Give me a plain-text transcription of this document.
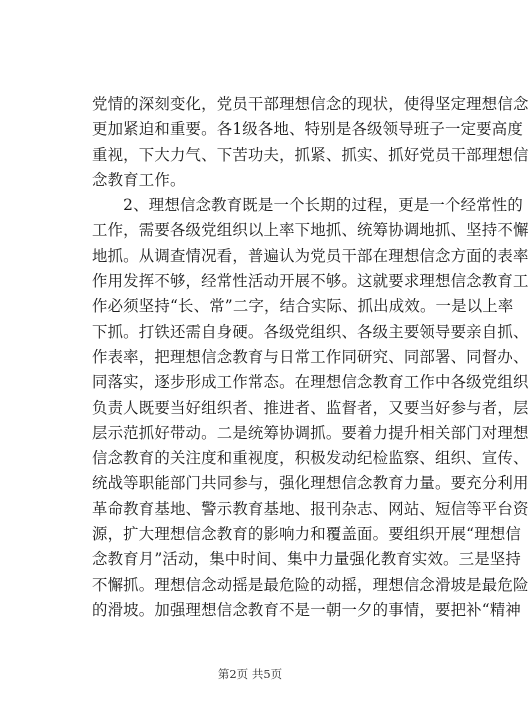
党情的深刻变化，党员干部理想信念的现状，使得坚定理想信念
更加紧迫和重要。各1级各地、特别是各级领导班子一定要高度
重视，下大力气、下苦功夫，抓紧、抓实、抓好党员干部理想信
念教育工作。
　　2、理想信念教育既是一个长期的过程，更是一个经常性的
工作，需要各级党组织以上率下地抓、统筹协调地抓、坚持不懈
地抓。从调查情况看，普遍认为党员干部在理想信念方面的表率
作用发挥不够，经常性活动开展不够。这就要求理想信念教育工
作必须坚持“长、常”二字，结合实际、抓出成效。一是以上率
下抓。打铁还需自身硬。各级党组织、各级主要领导要亲自抓、
作表率，把理想信念教育与日常工作同研究、同部署、同督办、
同落实，逐步形成工作常态。在理想信念教育工作中各级党组织
负责人既要当好组织者、推进者、监督者，又要当好参与者，层
层示范抓好带动。二是统筹协调抓。要着力提升相关部门对理想
信念教育的关注度和重视度，积极发动纪检监察、组织、宣传、
统战等职能部门共同参与，强化理想信念教育力量。要充分利用
革命教育基地、警示教育基地、报刊杂志、网站、短信等平台资
源，扩大理想信念教育的影响力和覆盖面。要组织开展“理想信
念教育月”活动，集中时间、集中力量强化教育实效。三是坚持
不懈抓。理想信念动摇是最危险的动摇，理想信念滑坡是最危险
的滑坡。加强理想信念教育不是一朝一夕的事情，要把补“精神
第2页 共5页
